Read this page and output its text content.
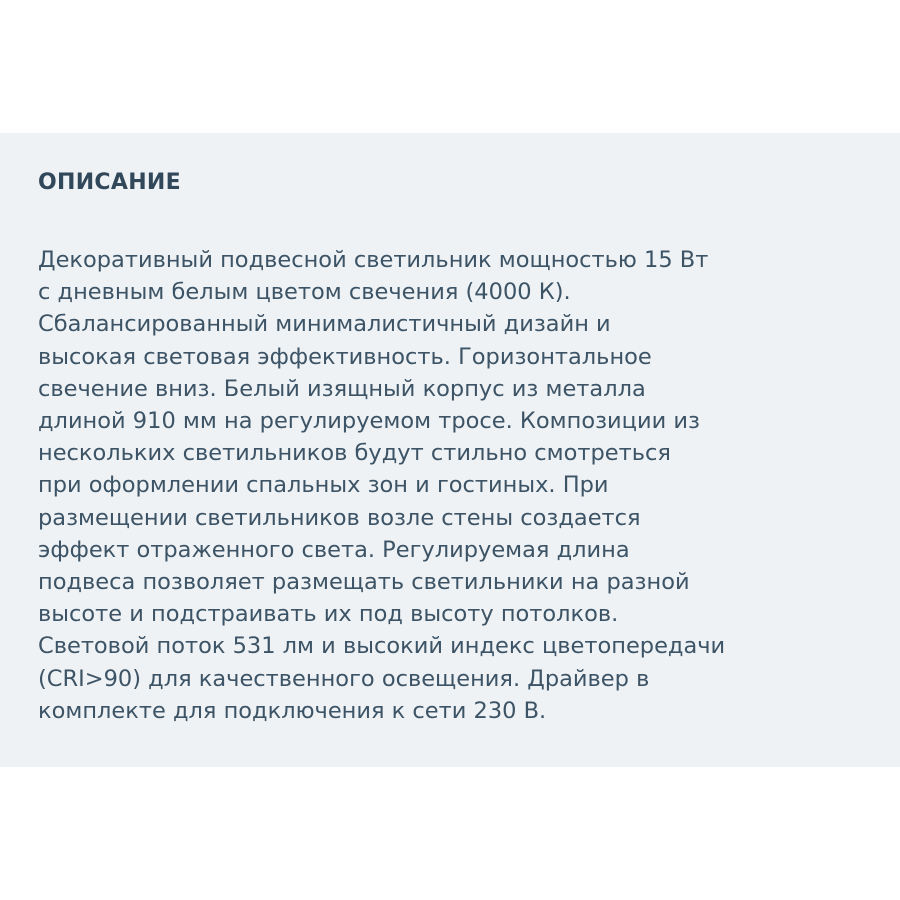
ОПИСАНИЕ

Декоративный подвесной светильник мощностью 15 Вт
с дневным белым цветом свечения (4000 К).
Сбалансированный минималистичный дизайн и
высокая световая эффективность. Горизонтальное
свечение вниз. Белый изящный корпус из металла
длиной 910 мм на регулируемом тросе. Композиции из
нескольких светильников будут стильно смотреться
при оформлении спальных зон и гостиных. При
размещении светильников возле стены создается
эффект отраженного света. Регулируемая длина
подвеса позволяет размещать светильники на разной
высоте и подстраивать их под высоту потолков.
Световой поток 531 лм и высокий индекс цветопередачи
(CRI>90) для качественного освещения. Драйвер в
комплекте для подключения к сети 230 В.
